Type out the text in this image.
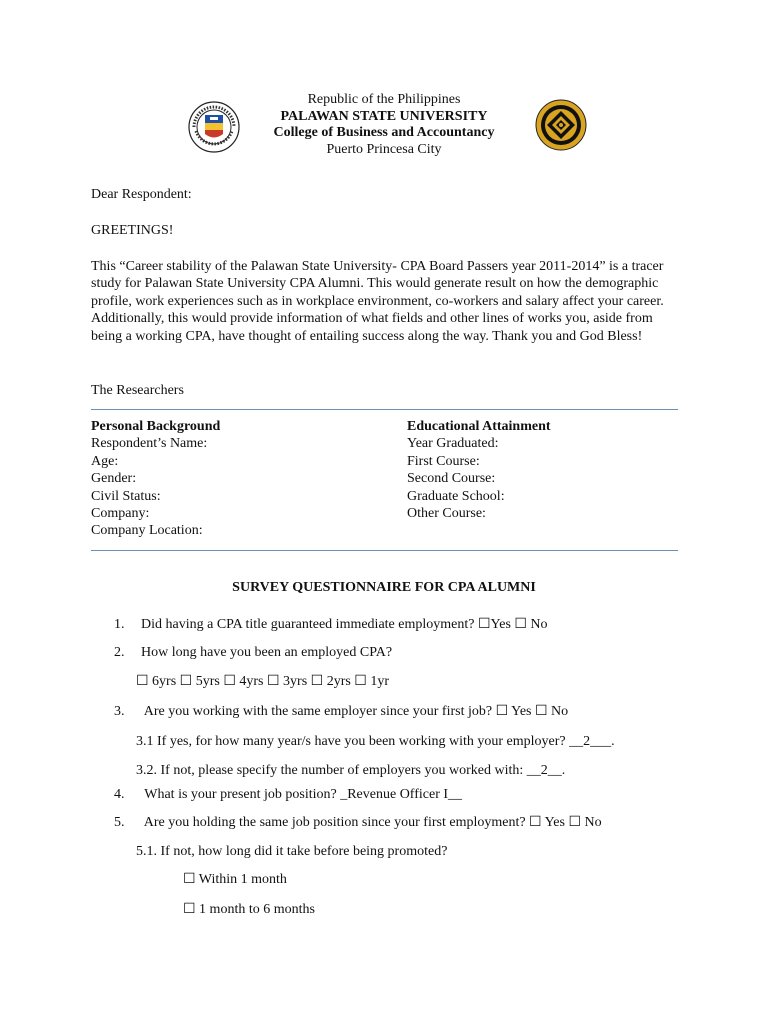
Republic of the Philippines
PALAWAN STATE UNIVERSITY
College of Business and Accountancy
Puerto Princesa City
Dear Respondent:
GREETINGS!

This “Career stability of the Palawan State University- CPA Board Passers year 2011-2014” is a tracer study for Palawan State University CPA Alumni. This would generate result on how the demographic profile, work experiences such as in workplace environment, co-workers and salary affect your career. Additionally, this would provide information of what fields and other lines of works you, aside from being a working CPA, have thought of entailing success along the way. Thank you and God Bless!

The Researchers
Personal Background
Respondent’s Name:
Age:
Gender:
Civil Status:
Company:
Company Location:
Educational Attainment
Year Graduated:
First Course:
Second Course:
Graduate School:
Other Course:
SURVEY QUESTIONNAIRE FOR CPA ALUMNI
1. Did having a CPA title guaranteed immediate employment? ☐Yes ☐ No
2. How long have you been an employed CPA?
☐ 6yrs ☐ 5yrs ☐ 4yrs ☐ 3yrs ☐ 2yrs ☐ 1yr
3. Are you working with the same employer since your first job? ☐ Yes ☐ No
3.1 If yes, for how many year/s have you been working with your employer? __2___.
3.2. If not, please specify the number of employers you worked with: __2__.
4. What is your present job position? _Revenue Officer I__
5. Are you holding the same job position since your first employment? ☐ Yes ☐ No
5.1. If not, how long did it take before being promoted?
☐ Within 1 month
☐ 1 month to 6 months
